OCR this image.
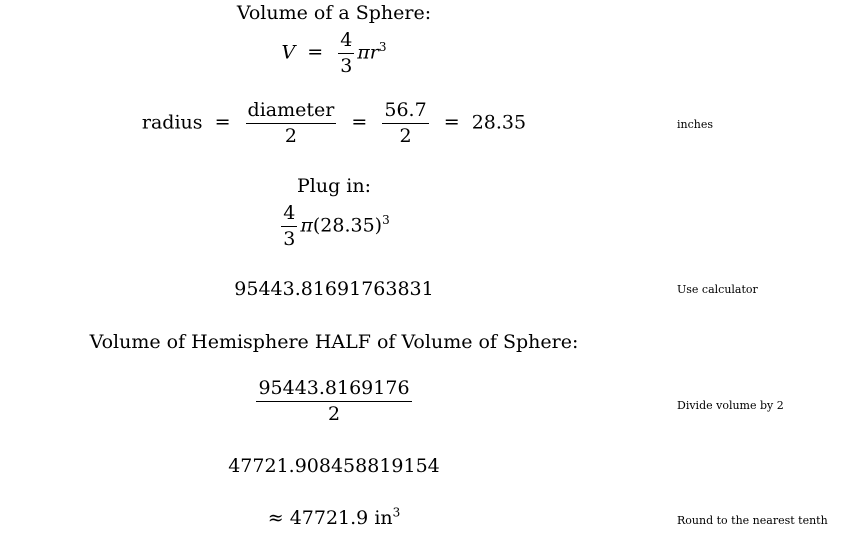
Volume of a Sphere:
$V = \frac{4}{3} \pi r^3$
radius = $\frac{\text{diameter}}{2} = \frac{56.7}{2} = 28.35$	inches
Plug in:
$\frac{4}{3} \pi(28.35)^3$
95443.81691763831	Use calculator
Volume of Hemisphere HALF of Volume of Sphere:
$\frac{95443.8169176}{2}$	Divide volume by 2
47721.908458819154
≈ 47721.9 $in^3$
Round to the nearest tenth
